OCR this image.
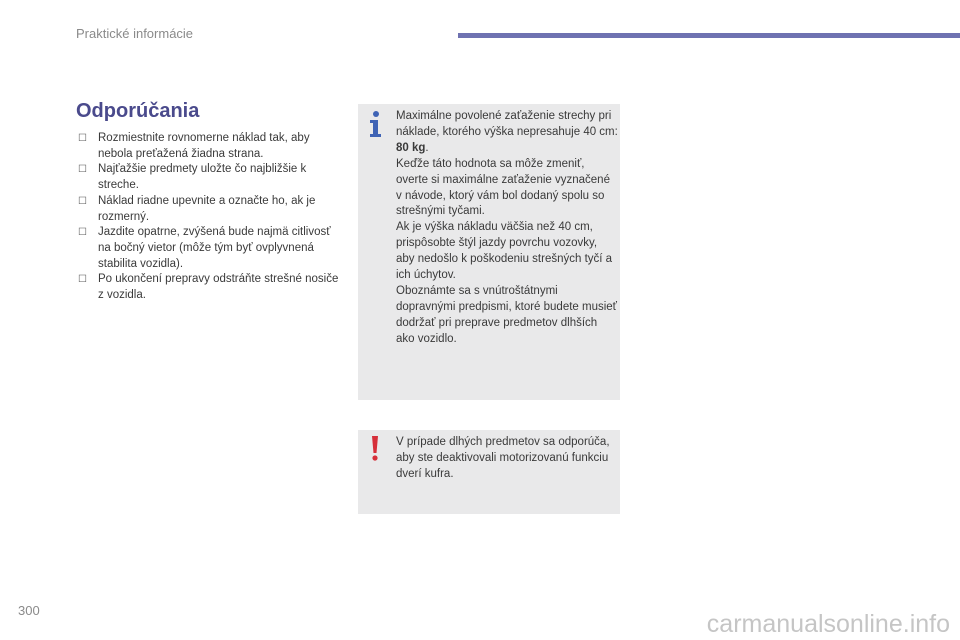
Praktické informácie
Odporúčania
☐ Rozmiestnite rovnomerne náklad tak, aby nebola preťažená žiadna strana.
☐ Najťažšie predmety uložte čo najbližšie k streche.
☐ Náklad riadne upevnite a označte ho, ak je rozmerný.
☐ Jazdite opatrne, zvýšená bude najmä citlivosť na bočný vietor (môže tým byť ovplyvnená stabilita vozidla).
☐ Po ukončení prepravy odstráňte strešné nosiče z vozidla.

Maximálne povolené zaťaženie strechy pri náklade, ktorého výška nepresahuje 40 cm: 80 kg.

Keďže táto hodnota sa môže zmeniť, overte si maximálne zaťaženie vyznačené v návode, ktorý vám bol dodaný spolu so strešnými tyčami.

Ak je výška nákladu väčšia než 40 cm, prispôsobte štýl jazdy povrchu vozovky, aby nedošlo k poškodeniu strešných tyčí a ich úchytov.

Oboznámte sa s vnútroštátnymi dopravnými predpismi, ktoré budete musieť dodržať pri preprave predmetov dlhších ako vozidlo.

V prípade dlhých predmetov sa odporúča, aby ste deaktivovali motorizovanú funkciu dverí kufra.

300	carmanualsonline.info
